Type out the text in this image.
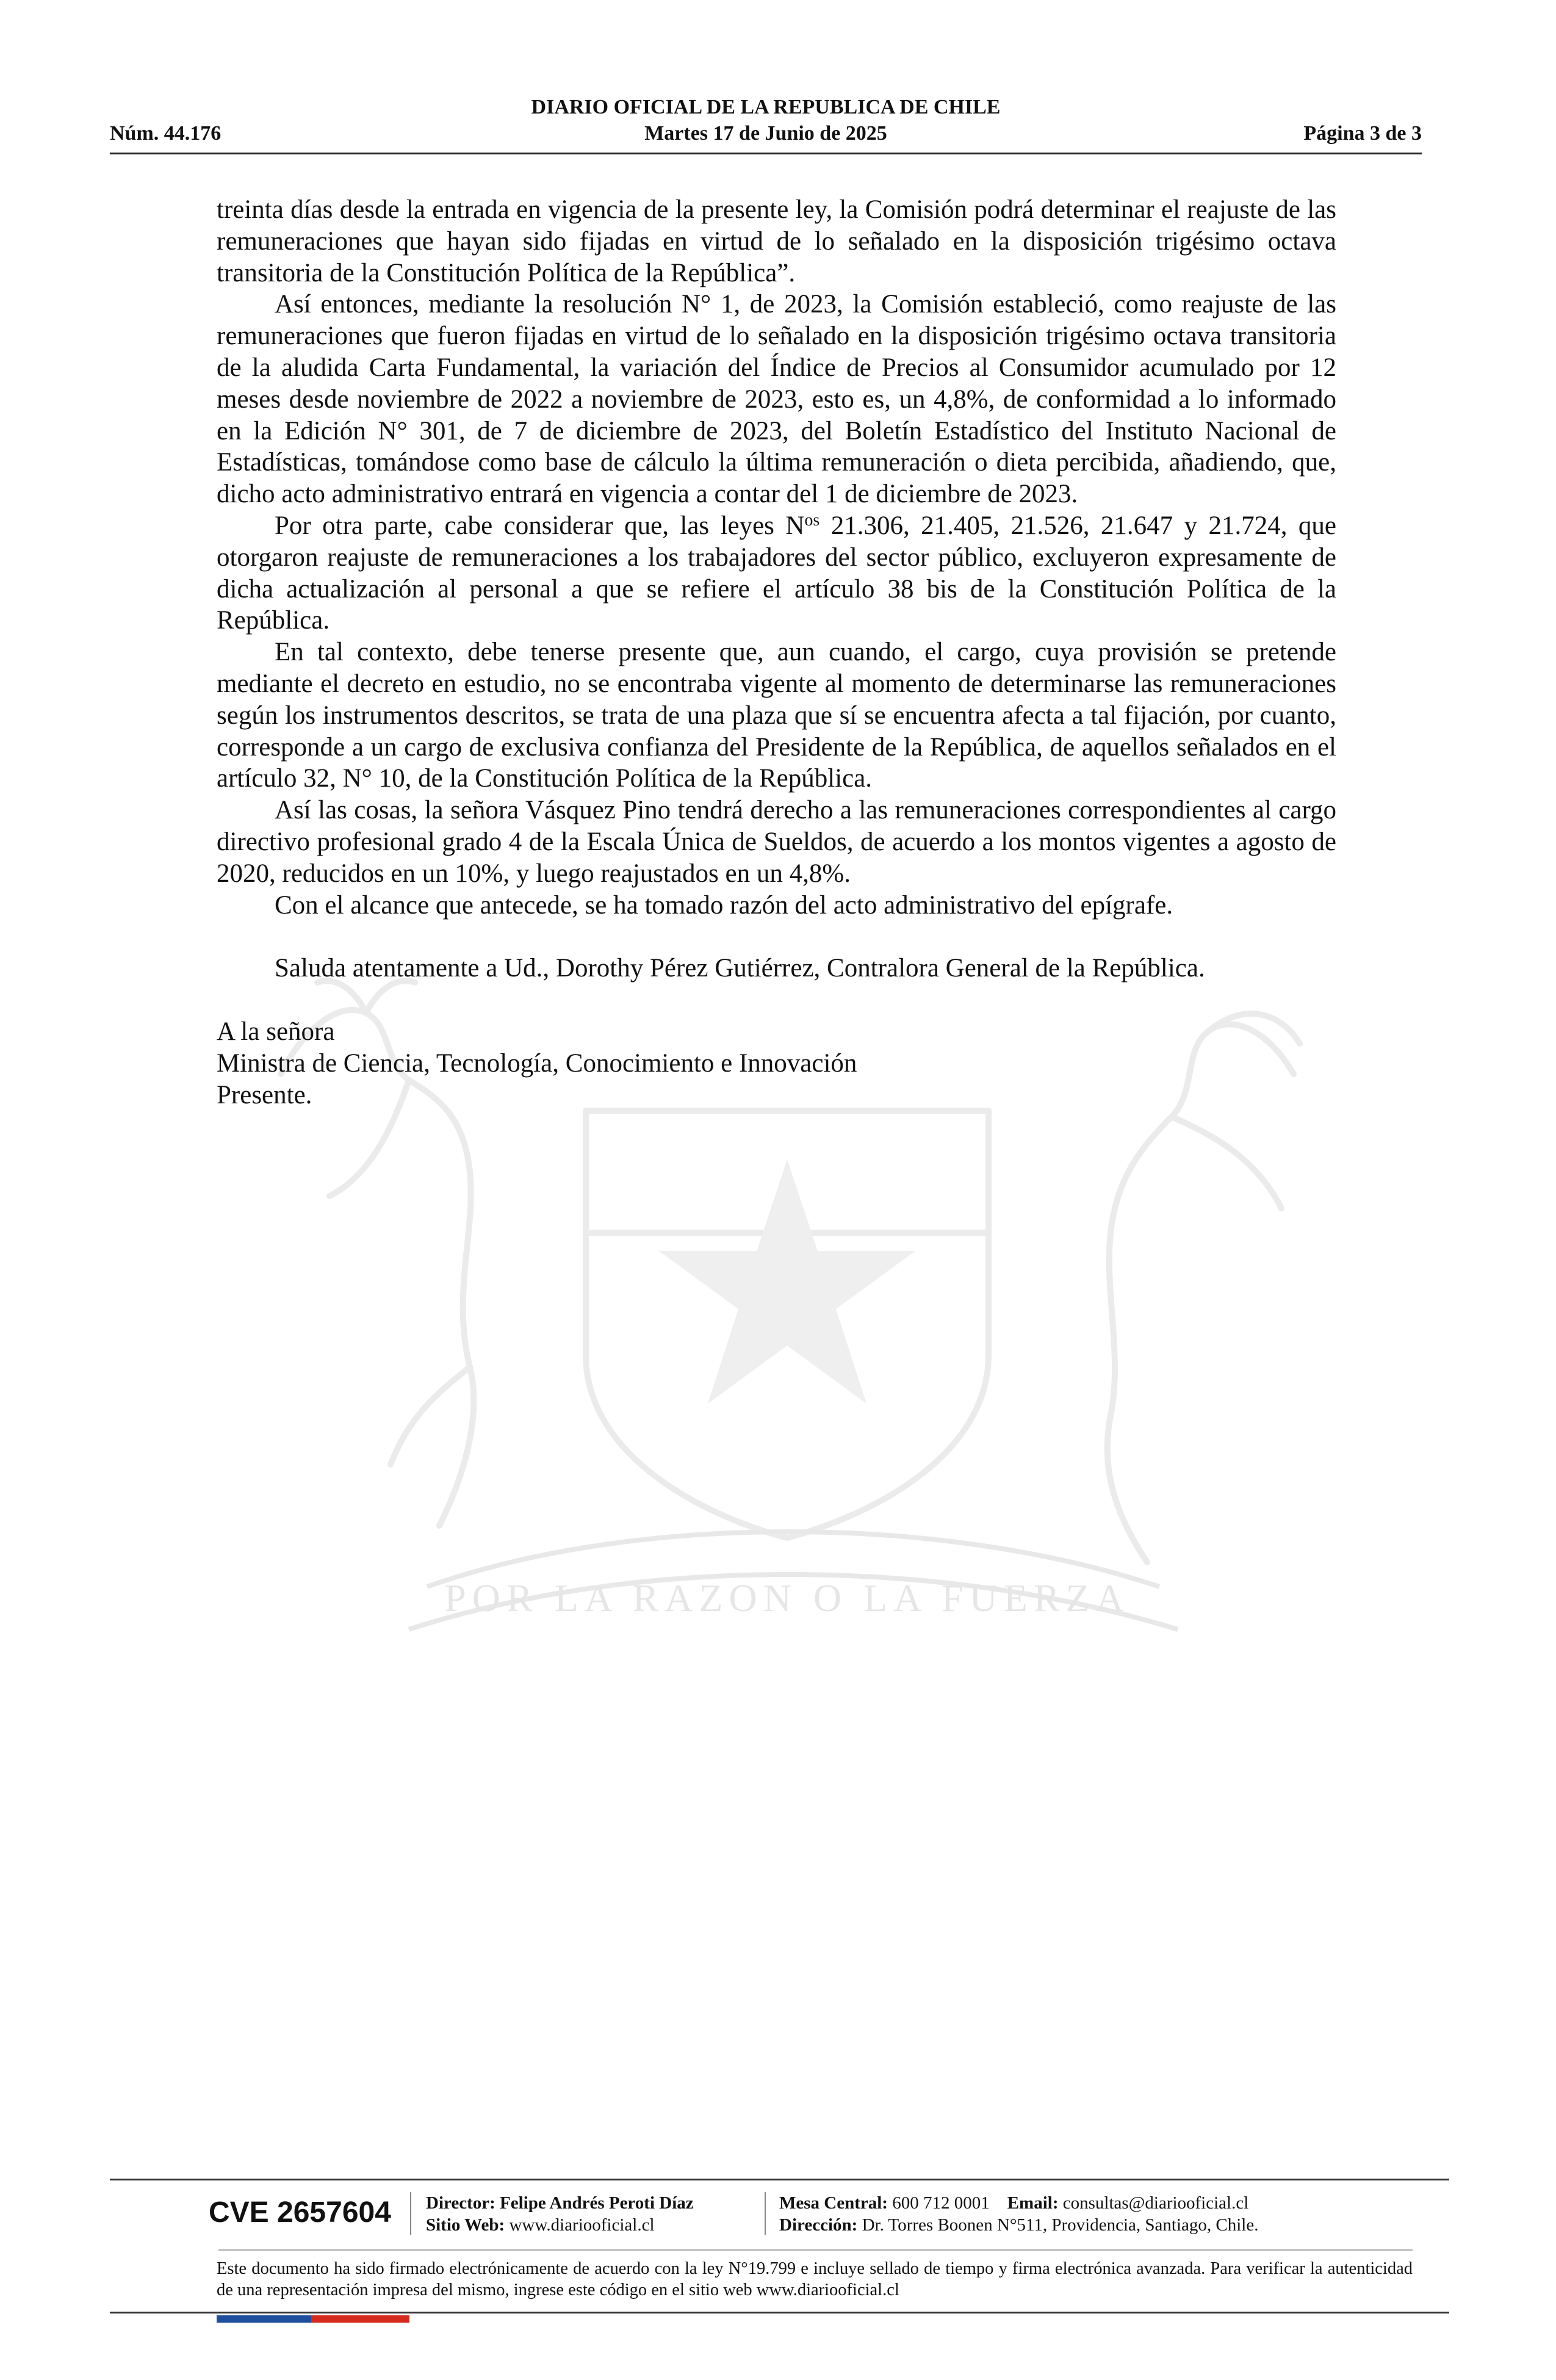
DIARIO OFICIAL DE LA REPUBLICA DE CHILE
Núm. 44.176	Martes 17 de Junio de 2025	Página 3 de 3
POR LA RAZON O LA FUERZA

treinta días desde la entrada en vigencia de la presente ley, la Comisión podrá determinar el reajuste de las remuneraciones que hayan sido fijadas en virtud de lo señalado en la disposición trigésimo octava transitoria de la Constitución Política de la República”.

Así entonces, mediante la resolución N° 1, de 2023, la Comisión estableció, como reajuste de las remuneraciones que fueron fijadas en virtud de lo señalado en la disposición trigésimo octava transitoria de la aludida Carta Fundamental, la variación del Índice de Precios al Consumidor acumulado por 12 meses desde noviembre de 2022 a noviembre de 2023, esto es, un 4,8%, de conformidad a lo informado en la Edición N° 301, de 7 de diciembre de 2023, del Boletín Estadístico del Instituto Nacional de Estadísticas, tomándose como base de cálculo la última remuneración o dieta percibida, añadiendo, que, dicho acto administrativo entrará en vigencia a contar del 1 de diciembre de 2023.

Por otra parte, cabe considerar que, las leyes $N^{os}$ 21.306, 21.405, 21.526, 21.647 y 21.724, que otorgaron reajuste de remuneraciones a los trabajadores del sector público, excluyeron expresamente de dicha actualización al personal a que se refiere el artículo 38 bis de la Constitución Política de la República.

En tal contexto, debe tenerse presente que, aun cuando, el cargo, cuya provisión se pretende mediante el decreto en estudio, no se encontraba vigente al momento de determinarse las remuneraciones según los instrumentos descritos, se trata de una plaza que sí se encuentra afecta a tal fijación, por cuanto, corresponde a un cargo de exclusiva confianza del Presidente de la República, de aquellos señalados en el artículo 32, N° 10, de la Constitución Política de la República.

Así las cosas, la señora Vásquez Pino tendrá derecho a las remuneraciones correspondientes al cargo directivo profesional grado 4 de la Escala Única de Sueldos, de acuerdo a los montos vigentes a agosto de 2020, reducidos en un 10%, y luego reajustados en un 4,8%.

Con el alcance que antecede, se ha tomado razón del acto administrativo del epígrafe.

Saluda atentamente a Ud., Dorothy Pérez Gutiérrez, Contralora General de la República.

A la señora

Ministra de Ciencia, Tecnología, Conocimiento e Innovación

Presente.

CVE 2657604 Director: Felipe Andrés Peroti Díaz
Sitio Web: www.diariooficial.cl
Mesa Central: 600 712 0001 Email: consultas@diariooficial.cl
Dirección: Dr. Torres Boonen N°511, Providencia, Santiago, Chile.
Este documento ha sido firmado electrónicamente de acuerdo con la ley N°19.799 e incluye sellado de tiempo y firma electrónica avanzada. Para verificar la autenticidad de una representación impresa del mismo, ingrese este código en el sitio web www.diariooficial.cl
